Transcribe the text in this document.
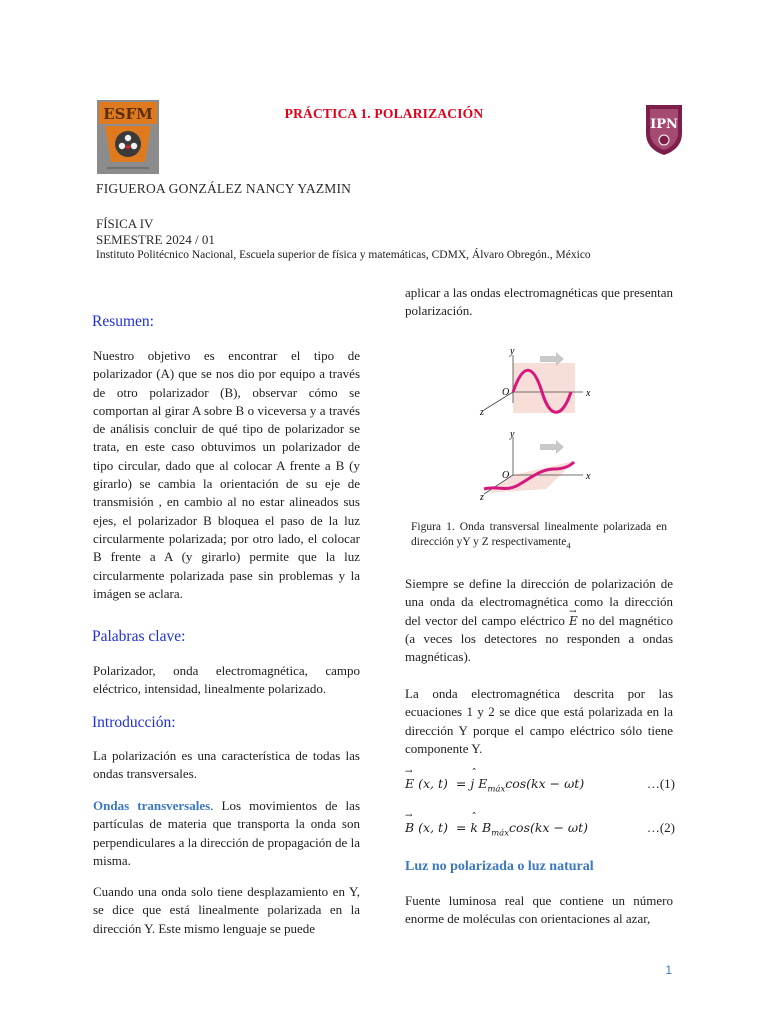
ESFM
IPN
PRÁCTICA 1. POLARIZACIÓN
FIGUEROA GONZÁLEZ NANCY YAZMIN
FÍSICA IV
SEMESTRE 2024 / 01
Instituto Politécnico Nacional, Escuela superior de física y matemáticas, CDMX, Álvaro Obregón., México
Resumen:

Nuestro objetivo es encontrar el tipo de polarizador (A) que se nos dio por equipo a través de otro polarizador (B), observar cómo se comportan al girar A sobre B o viceversa y a través de análisis concluir de qué tipo de polarizador se trata, en este caso obtuvimos un polarizador de tipo circular, dado que al colocar A frente a B (y girarlo) se cambia la orientación de su eje de transmisión , en cambio al no estar alineados sus ejes, el polarizador B bloquea el paso de la luz circularmente polarizada; por otro lado, el colocar B frente a A (y girarlo) permite que la luz circularmente polarizada pase sin problemas y la imágen se aclara.

Palabras clave:

Polarizador, onda electromagnética, campo eléctrico, intensidad, linealmente polarizado.

Introducción:

La polarización es una característica de todas las ondas transversales.

Ondas transversales. Los movimientos de las partículas de materia que transporta la onda son perpendiculares a la dirección de propagación de la misma.

Cuando una onda solo tiene desplazamiento en Y, se dice que está linealmente polarizada en la dirección Y. Este mismo lenguaje se puede

aplicar a las ondas electromagnéticas que presentan polarización.

y
x
z
O
y
x
z
O
Figura 1. Onda transversal linealmente polarizada en dirección yY y Z respectivamente$_4$

Siempre se define la dirección de polarización de una onda da electromagnética como la dirección del vector del campo eléctrico → E no del magnético (a veces los detectores no responden a ondas magnéticas).

La onda electromagnética descrita por las ecuaciones 1 y 2 se dice que está polarizada en la dirección Y porque el campo eléctrico sólo tiene componente Y.

→ E (x, t) = ˆ j $E_{máx}\cos(kx - \omega t)$	…(1)
→ B (x, t) = ˆ k $B_{máx}\cos(kx - \omega t)$	…(2)
Luz no polarizada o luz natural

Fuente luminosa real que contiene un número enorme de moléculas con orientaciones al azar,

1
